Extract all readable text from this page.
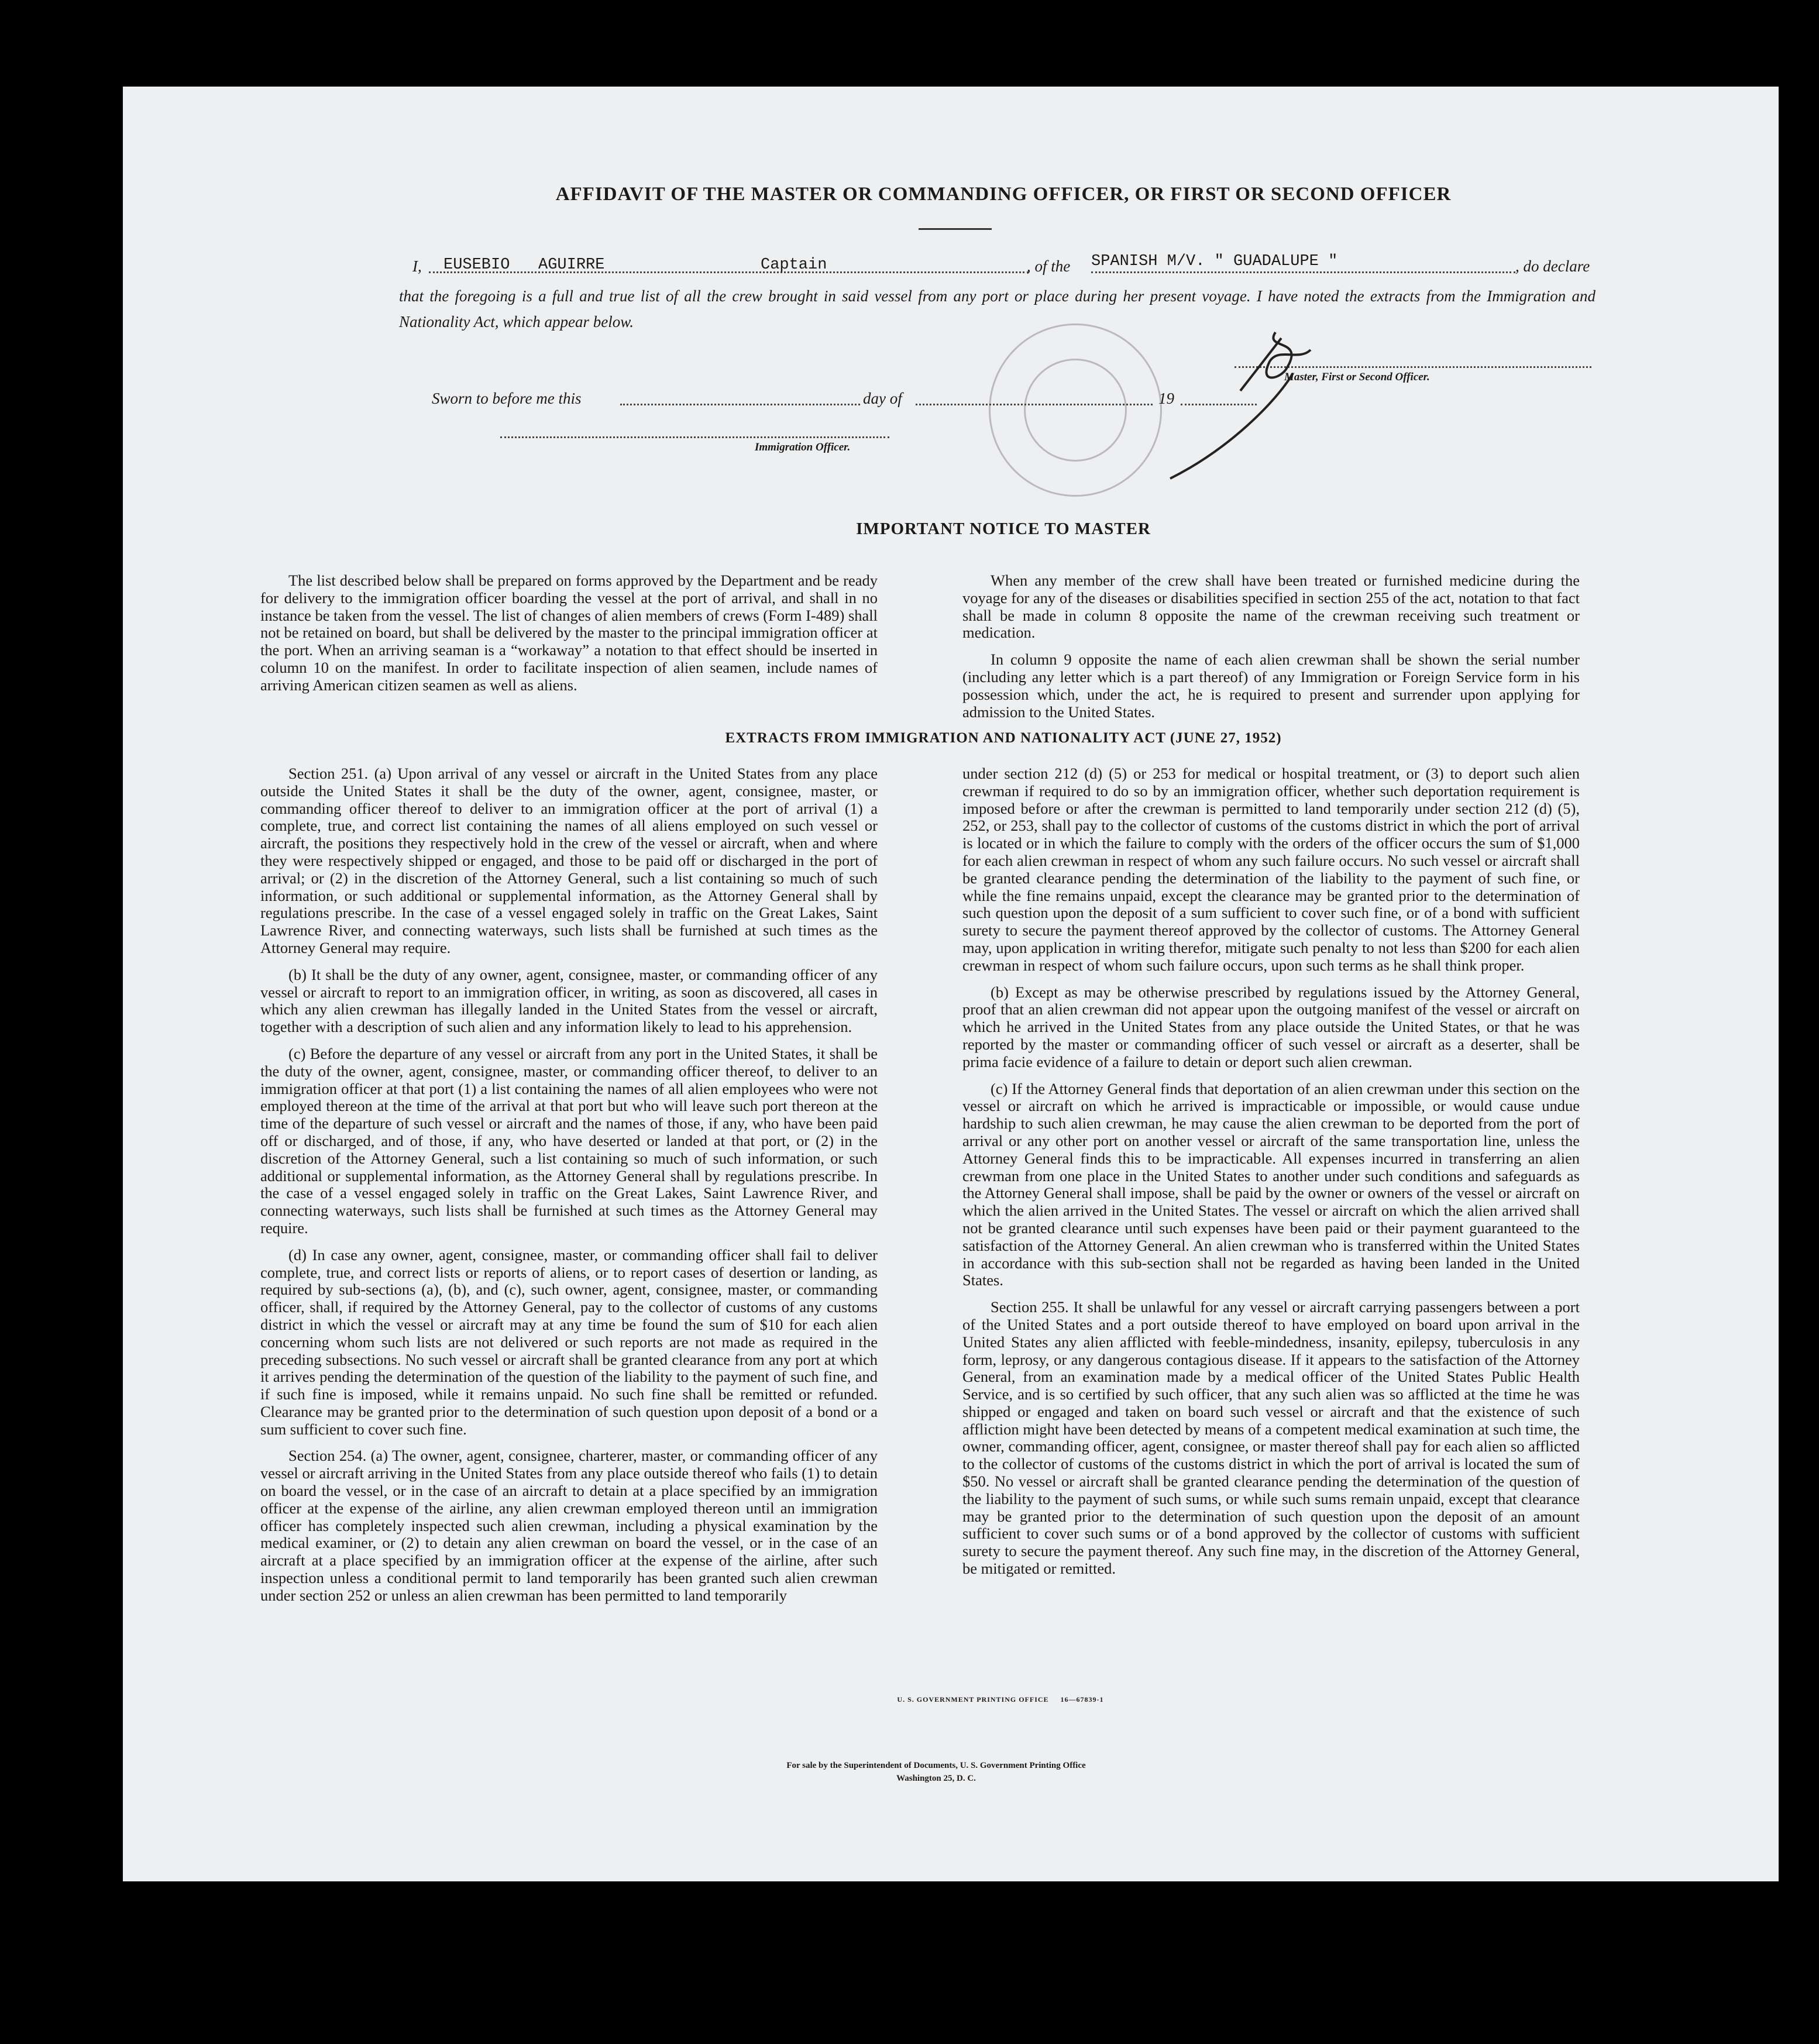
AFFIDAVIT OF THE MASTER OR COMMANDING OFFICER, OR FIRST OR SECOND OFFICER
I, EUSEBIO   AGUIRRE	Captain	, of the SPANISH M/V. " GUADALUPE "	, do declare
that the foregoing is a full and true list of all the crew brought in said vessel from any port or place during her present voyage. I have noted the extracts from the Immigration and Nationality Act, which appear below.
Master, First or Second Officer.
Sworn to before me this	day of	19
Immigration Officer.
IMPORTANT NOTICE TO MASTER

The list described below shall be prepared on forms approved by the Department and be ready for delivery to the immigration officer boarding the vessel at the port of arrival, and shall in no instance be taken from the vessel. The list of changes of alien members of crews (Form I-489) shall not be retained on board, but shall be delivered by the master to the principal immigration officer at the port. When an arriving seaman is a “workaway” a notation to that effect should be inserted in column 10 on the manifest. In order to facilitate inspection of alien seamen, include names of arriving American citizen seamen as well as aliens.

When any member of the crew shall have been treated or furnished medicine during the voyage for any of the diseases or disabilities specified in section 255 of the act, notation to that fact shall be made in column 8 opposite the name of the crewman receiving such treatment or medication.

In column 9 opposite the name of each alien crewman shall be shown the serial number (including any letter which is a part thereof) of any Immigration or Foreign Service form in his possession which, under the act, he is required to present and surrender upon applying for admission to the United States.

EXTRACTS FROM IMMIGRATION AND NATIONALITY ACT (JUNE 27, 1952)

Section 251. (a) Upon arrival of any vessel or aircraft in the United States from any place outside the United States it shall be the duty of the owner, agent, consignee, master, or commanding officer thereof to deliver to an immigration officer at the port of arrival (1) a complete, true, and correct list containing the names of all aliens employed on such vessel or aircraft, the positions they respectively hold in the crew of the vessel or aircraft, when and where they were respectively shipped or engaged, and those to be paid off or discharged in the port of arrival; or (2) in the discretion of the Attorney General, such a list containing so much of such information, or such additional or supplemental information, as the Attorney General shall by regulations prescribe. In the case of a vessel engaged solely in traffic on the Great Lakes, Saint Lawrence River, and connecting waterways, such lists shall be furnished at such times as the Attorney General may require.

(b) It shall be the duty of any owner, agent, consignee, master, or commanding officer of any vessel or aircraft to report to an immigration officer, in writing, as soon as discovered, all cases in which any alien crewman has illegally landed in the United States from the vessel or aircraft, together with a description of such alien and any information likely to lead to his apprehension.

(c) Before the departure of any vessel or aircraft from any port in the United States, it shall be the duty of the owner, agent, consignee, master, or commanding officer thereof, to deliver to an immigration officer at that port (1) a list containing the names of all alien employees who were not employed thereon at the time of the arrival at that port but who will leave such port thereon at the time of the departure of such vessel or aircraft and the names of those, if any, who have been paid off or discharged, and of those, if any, who have deserted or landed at that port, or (2) in the discretion of the Attorney General, such a list containing so much of such information, or such additional or supplemental information, as the Attorney General shall by regulations prescribe. In the case of a vessel engaged solely in traffic on the Great Lakes, Saint Lawrence River, and connecting waterways, such lists shall be furnished at such times as the Attorney General may require.

(d) In case any owner, agent, consignee, master, or commanding officer shall fail to deliver complete, true, and correct lists or reports of aliens, or to report cases of desertion or landing, as required by sub-sections (a), (b), and (c), such owner, agent, consignee, master, or commanding officer, shall, if required by the Attorney General, pay to the collector of customs of any customs district in which the vessel or aircraft may at any time be found the sum of $10 for each alien concerning whom such lists are not delivered or such reports are not made as required in the preceding subsections. No such vessel or aircraft shall be granted clearance from any port at which it arrives pending the determination of the question of the liability to the payment of such fine, and if such fine is imposed, while it remains unpaid. No such fine shall be remitted or refunded. Clearance may be granted prior to the determination of such question upon deposit of a bond or a sum sufficient to cover such fine.

Section 254. (a) The owner, agent, consignee, charterer, master, or commanding officer of any vessel or aircraft arriving in the United States from any place outside thereof who fails (1) to detain on board the vessel, or in the case of an aircraft to detain at a place specified by an immigration officer at the expense of the airline, any alien crewman employed thereon until an immigration officer has completely inspected such alien crewman, including a physical examination by the medical examiner, or (2) to detain any alien crewman on board the vessel, or in the case of an aircraft at a place specified by an immigration officer at the expense of the airline, after such inspection unless a conditional permit to land temporarily has been granted such alien crewman under section 252 or unless an alien crewman has been permitted to land temporarily

under section 212 (d) (5) or 253 for medical or hospital treatment, or (3) to deport such alien crewman if required to do so by an immigration officer, whether such deportation requirement is imposed before or after the crewman is permitted to land temporarily under section 212 (d) (5), 252, or 253, shall pay to the collector of customs of the customs district in which the port of arrival is located or in which the failure to comply with the orders of the officer occurs the sum of $1,000 for each alien crewman in respect of whom any such failure occurs. No such vessel or aircraft shall be granted clearance pending the determination of the liability to the payment of such fine, or while the fine remains unpaid, except the clearance may be granted prior to the determination of such question upon the deposit of a sum sufficient to cover such fine, or of a bond with sufficient surety to secure the payment thereof approved by the collector of customs. The Attorney General may, upon application in writing therefor, mitigate such penalty to not less than $200 for each alien crewman in respect of whom such failure occurs, upon such terms as he shall think proper.

(b) Except as may be otherwise prescribed by regulations issued by the Attorney General, proof that an alien crewman did not appear upon the outgoing manifest of the vessel or aircraft on which he arrived in the United States from any place outside the United States, or that he was reported by the master or commanding officer of such vessel or aircraft as a deserter, shall be prima facie evidence of a failure to detain or deport such alien crewman.

(c) If the Attorney General finds that deportation of an alien crewman under this section on the vessel or aircraft on which he arrived is impracticable or impossible, or would cause undue hardship to such alien crewman, he may cause the alien crewman to be deported from the port of arrival or any other port on another vessel or aircraft of the same transportation line, unless the Attorney General finds this to be impracticable. All expenses incurred in transferring an alien crewman from one place in the United States to another under such conditions and safeguards as the Attorney General shall impose, shall be paid by the owner or owners of the vessel or aircraft on which the alien arrived in the United States. The vessel or aircraft on which the alien arrived shall not be granted clearance until such expenses have been paid or their payment guaranteed to the satisfaction of the Attorney General. An alien crewman who is transferred within the United States in accordance with this sub-section shall not be regarded as having been landed in the United States.

Section 255. It shall be unlawful for any vessel or aircraft carrying passengers between a port of the United States and a port outside thereof to have employed on board upon arrival in the United States any alien afflicted with feeble-mindedness, insanity, epilepsy, tuberculosis in any form, leprosy, or any dangerous contagious disease. If it appears to the satisfaction of the Attorney General, from an examination made by a medical officer of the United States Public Health Service, and is so certified by such officer, that any such alien was so afflicted at the time he was shipped or engaged and taken on board such vessel or aircraft and that the existence of such affliction might have been detected by means of a competent medical examination at such time, the owner, commanding officer, agent, consignee, or master thereof shall pay for each alien so afflicted to the collector of customs of the customs district in which the port of arrival is located the sum of $50. No vessel or aircraft shall be granted clearance pending the determination of the question of the liability to the payment of such sums, or while such sums remain unpaid, except that clearance may be granted prior to the determination of such question upon the deposit of an amount sufficient to cover such sums or of a bond approved by the collector of customs with sufficient surety to secure the payment thereof. Any such fine may, in the discretion of the Attorney General, be mitigated or remitted.

U. S. GOVERNMENT PRINTING OFFICE     16—67839-1
For sale by the Superintendent of Documents, U. S. Government Printing Office
Washington 25, D. C.
